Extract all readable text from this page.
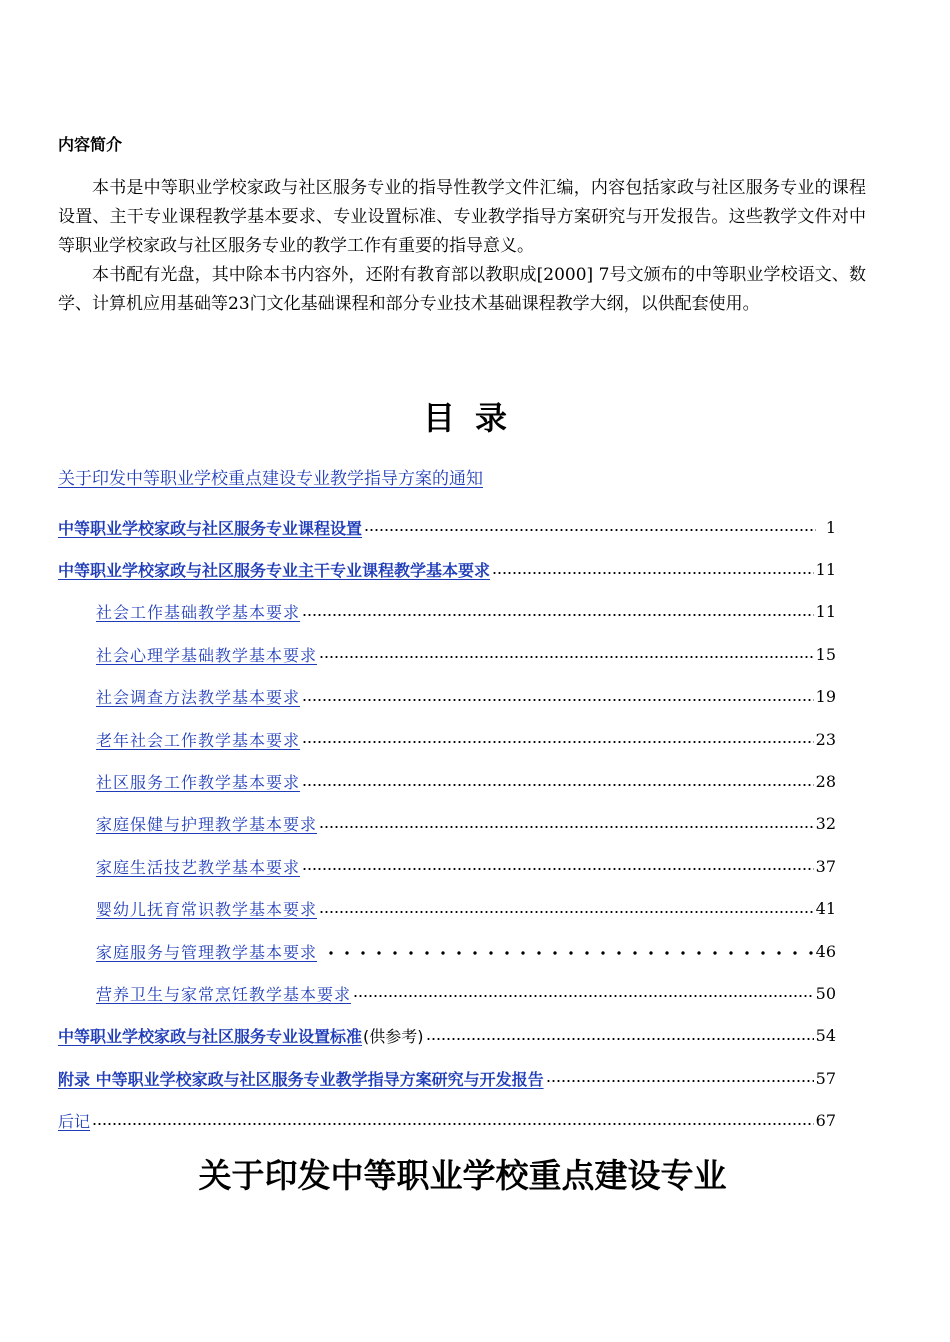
内容简介

本书是中等职业学校家政与社区服务专业的指导性教学文件汇编，内容包括家政与社区服务专业的课程设置、主干专业课程教学基本要求、专业设置标准、专业教学指导方案研究与开发报告。这些教学文件对中等职业学校家政与社区服务专业的教学工作有重要的指导意义。

本书配有光盘，其中除本书内容外，还附有教育部以教职成[2000] 7号文颁布的中等职业学校语文、数学、计算机应用基础等23门文化基础课程和部分专业技术基础课程教学大纲，以供配套使用。

目录
关于印发中等职业学校重点建设专业教学指导方案的通知
中等职业学校家政与社区服务专业课程设置	1
中等职业学校家政与社区服务专业主干专业课程教学基本要求	11
社会工作基础教学基本要求	11
社会心理学基础教学基本要求	15
社会调查方法教学基本要求	19
老年社会工作教学基本要求	23
社区服务工作教学基本要求	28
家庭保健与护理教学基本要求	32
家庭生活技艺教学基本要求	37
婴幼儿抚育常识教学基本要求	41
家庭服务与管理教学基本要求	46
营养卫生与家常烹饪教学基本要求	50
中等职业学校家政与社区服务专业设置标准 (供参考)	54
附录 中等职业学校家政与社区服务专业教学指导方案研究与开发报告	57
后记	67
关于印发中等职业学校重点建设专业
